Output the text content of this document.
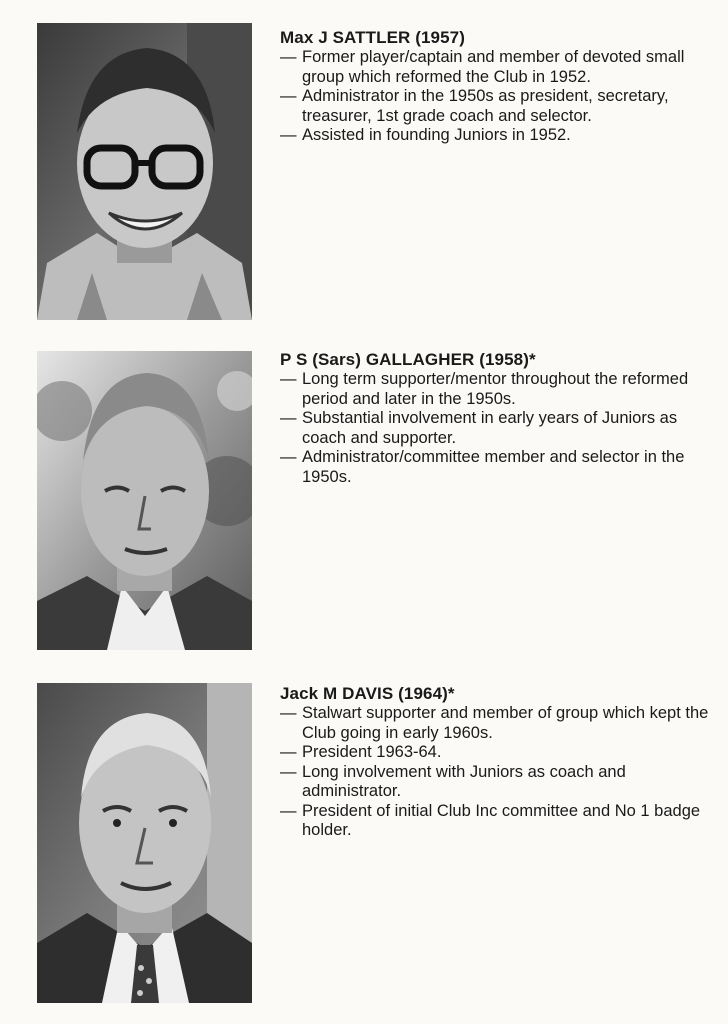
Max J SATTLER (1957)
— Former player/captain and member of devoted small group which reformed the Club in 1952.
— Administrator in the 1950s as president, secretary, treasurer, 1st grade coach and selector.
— Assisted in founding Juniors in 1952.
P S (Sars) GALLAGHER (1958)*
— Long term supporter/mentor throughout the reformed period and later in the 1950s.
— Substantial involvement in early years of Juniors as coach and supporter.
— Administrator/committee member and selector in the 1950s.
Jack M DAVIS (1964)*
— Stalwart supporter and member of group which kept the Club going in early 1960s.
— President 1963-64.
— Long involvement with Juniors as coach and administrator.
— President of initial Club Inc committee and No 1 badge holder.
